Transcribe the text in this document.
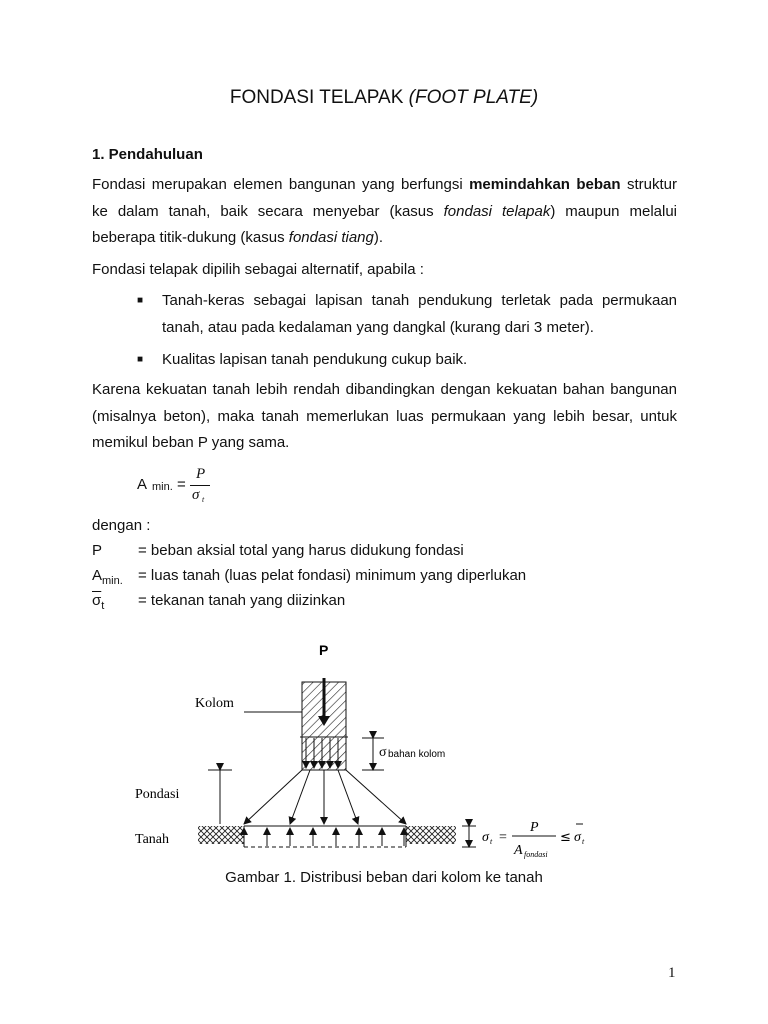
FONDASI TELAPAK (FOOT PLATE)
1. Pendahuluan

Fondasi merupakan elemen bangunan yang berfungsi memindahkan beban struktur ke dalam tanah, baik secara menyebar (kasus fondasi telapak) maupun melalui beberapa titik-dukung (kasus fondasi tiang).

Fondasi telapak dipilih sebagai alternatif, apabila :

■ Tanah-keras sebagai lapisan tanah pendukung terletak pada permukaan tanah, atau pada kedalaman yang dangkal (kurang dari 3 meter).

■ Kualitas lapisan tanah pendukung cukup baik.

Karena kekuatan tanah lebih rendah dibandingkan dengan kekuatan bahan bangunan (misalnya beton), maka tanah memerlukan luas permukaan yang lebih besar, untuk memikul beban P yang sama.

A min. =
P
σ t
dengan :
P	= beban aksial total yang harus didukung fondasi
$A_{min.}$	= luas tanah (luas pelat fondasi) minimum yang diperlukan
$\overline{\sigma}_t$	= tekanan tanah yang diizinkan
P
Kolom
σ bahan kolom
Pondasi
Tanah	σ t =
P
A fondasi
≤ σ t
Gambar 1. Distribusi beban dari kolom ke tanah
1
